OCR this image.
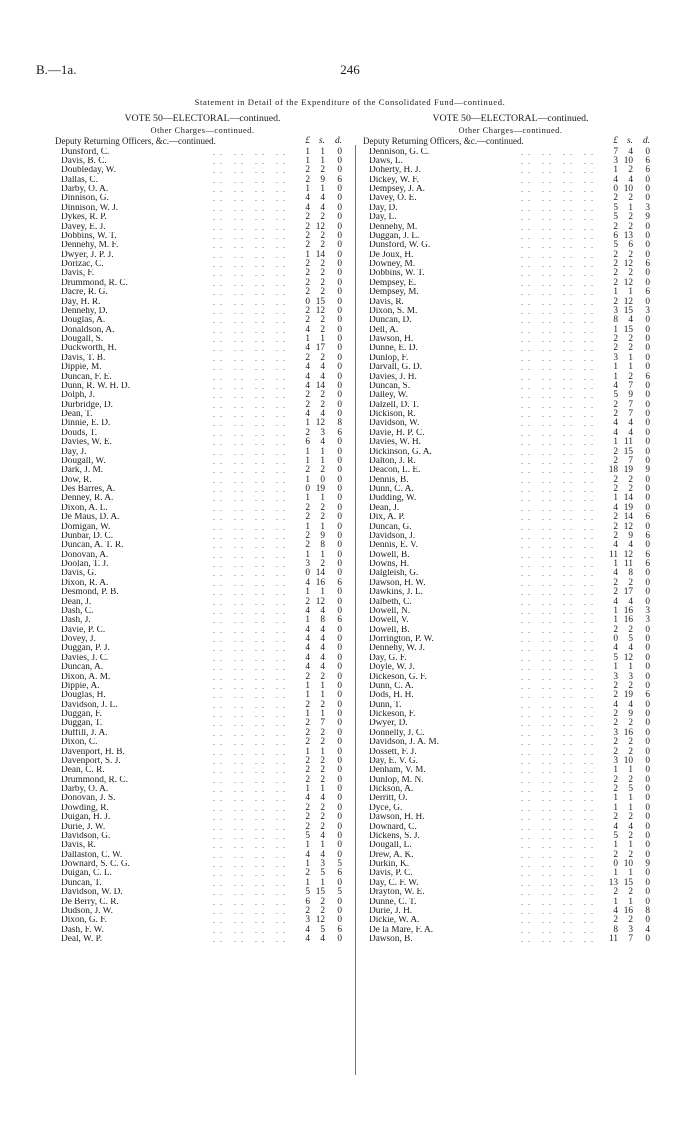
B.—1a.	246
Statement in Detail of the Expenditure of the Consolidated Fund—continued.
VOTE 50—ELECTORAL—continued.
Other Charges—continued.
Deputy Returning Officers, &c.—continued.	£ s.	d.
Dunsford, C.	.. .. .. ..	1	1	0
Davis, B. C.	.. .. .. ..	1	1	0
Doubleday, W.	.. .. .. ..	2	2	0
Dallas, C.	.. .. .. ..	2	9	6
Darby, O. A.	.. .. .. ..	1	1	0
Dinnison, G.	.. .. .. ..	4	4	0
Dinnison, W. J.	.. .. .. ..	4	4	0
Dykes, R. P.	.. .. .. ..	2	2	0
Davey, E. J.	.. .. .. ..	2 12	0
Dobbins, W. T.	.. .. .. ..	2	2	0
Dennehy, M. F.	.. .. .. ..	2	2	0
Dwyer, J. P. J.	.. .. .. ..	1 14	0
Dorizac, C.	.. .. .. ..	2	2	0
Davis, F.	.. .. .. ..	2	2	0
Drummond, R. C.	.. .. .. ..	2	2	0
Dacre, R. G.	.. .. .. ..	2	2	0
Day, H. R.	.. .. .. ..	0 15	0
Dennehy, D.	.. .. .. ..	2 12	0
Douglas, A.	.. .. .. ..	2	2	0
Donaldson, A.	.. .. .. ..	4	2	0
Dougall, S.	.. .. .. ..	1	1	0
Duckworth, H.	.. .. .. ..	4 17	0
Davis, T. B.	.. .. .. ..	2	2	0
Dippie, M.	.. .. .. ..	4	4	0
Duncan, F. E.	.. .. .. ..	4	4	0
Dunn, R. W. H. D.	.. .. .. ..	4 14	0
Dolph, J.	.. .. .. ..	2	2	0
Durbridge, D.	.. .. .. ..	2	2	0
Dean, T.	.. .. .. ..	4	4	0
Dinnie, E. D.	.. .. .. ..	1 12	8
Douds, T.	.. .. .. ..	2	3	6
Davies, W. E.	.. .. .. ..	6	4	0
Day, J.	.. .. .. ..	1	1	0
Dougall, W.	.. .. .. ..	1	1	0
Dark, J. M.	.. .. .. ..	2	2	0
Dow, R.	.. .. .. ..	1	0	0
Des Barres, A.	.. .. .. ..	0 19	0
Denney, R. A.	.. .. .. ..	1	1	0
Dixon, A. L.	.. .. .. ..	2	2	0
De Maus, D. A.	.. .. .. ..	2	2	0
Domigan, W.	.. .. .. ..	1	1	0
Dunbar, D. C.	.. .. .. ..	2	9	0
Duncan, A. T. R.	.. .. .. ..	2	8	0
Donovan, A.	.. .. .. ..	1	1	0
Doolan, T. J.	.. .. .. ..	3	2	0
Davis, G.	.. .. .. ..	0 14	0
Dixon, R. A.	.. .. .. ..	4 16	6
Desmond, P. B.	.. .. .. ..	1	1	0
Dean, J.	.. .. .. ..	2 12	0
Dash, C.	.. .. .. ..	4	4	0
Dash, J.	.. .. .. ..	1	8	6
Davie, P. C.	.. .. .. ..	4	4	0
Dovey, J.	.. .. .. ..	4	4	0
Duggan, P. J.	.. .. .. ..	4	4	0
Davies, J. C.	.. .. .. ..	4	4	0
Duncan, A.	.. .. .. ..	4	4	0
Dixon, A. M.	.. .. .. ..	2	2	0
Dippie, A.	.. .. .. ..	1	1	0
Douglas, H.	.. .. .. ..	1	1	0
Davidson, J. L.	.. .. .. ..	2	2	0
Duggan, F.	.. .. .. ..	1	1	0
Duggan, T.	.. .. .. ..	2	7	0
Duffill, J. A.	.. .. .. ..	2	2	0
Dixon, C.	.. .. .. ..	2	2	0
Davenport, H. B.	.. .. .. ..	1	1	0
Davenport, S. J.	.. .. .. ..	2	2	0
Dean, C. R.	.. .. .. ..	2	2	0
Drummond, R. C.	.. .. .. ..	2	2	0
Darby, O. A.	.. .. .. ..	1	1	0
Donovan, J. S.	.. .. .. ..	4	4	0
Dowding, R.	.. .. .. ..	2	2	0
Duigan, H. J.	.. .. .. ..	2	2	0
Durie, J. W.	.. .. .. ..	2	2	0
Davidson, G.	.. .. .. ..	5	4	0
Davis, R.	.. .. .. ..	1	1	0
Dallaston, C. W.	.. .. .. ..	4	4	0
Downard, S. C. G.	.. .. .. ..	1	3	5
Duigan, C. L.	.. .. .. ..	2	5	6
Duncan, T.	.. .. .. ..	1	1	0
Davidson, W. D.	.. .. .. ..	5 15	5
De Berry, C. R.	.. .. .. ..	6	2	0
Dudson, J. W.	.. .. .. ..	2	2	0
Dixon, G. F.	.. .. .. ..	3 12	0
Dash, F. W.	.. .. .. ..	4	5	6
Deal, W. P.	.. .. .. ..	4	4	0
VOTE 50—ELECTORAL—continued.
Other Charges—continued.
Deputy Returning Officers, &c.—continued.	£ s.	d.
Dennison, G. C.	.. .. .. ..	7	4	0
Daws, L.	.. .. .. ..	3 10	6
Doherty, H. J.	.. .. .. ..	1	2	6
Dickey, W. F.	.. .. .. ..	4	4	0
Dempsey, J. A.	.. .. .. ..	0 10	0
Davey, O. E.	.. .. .. ..	2	2	0
Day, D.	.. .. .. ..	5	1	3
Day, L.	.. .. .. ..	5	2	9
Dennehy, M.	.. .. .. ..	2	2	0
Duggan, J. L.	.. .. .. ..	6 13	0
Dunsford, W. G.	.. .. .. ..	5	6	0
De Joux, H.	.. .. .. ..	2	2	0
Downey, M.	.. .. .. ..	2 12	6
Dobbins, W. T.	.. .. .. ..	2	2	0
Dempsey, E.	.. .. .. ..	2 12	0
Dempsey, M.	.. .. .. ..	1	1	6
Davis, R.	.. .. .. ..	2 12	0
Dixon, S. M.	.. .. .. ..	3 15	3
Duncan, D.	.. .. .. ..	8	4	0
Dell, A.	.. .. .. ..	1 15	0
Dawson, H.	.. .. .. ..	2	2	0
Dunne, E. D.	.. .. .. ..	2	2	0
Dunlop, F.	.. .. .. ..	3	1	0
Darvall, G. D.	.. .. .. ..	1	1	0
Davies, J. H.	.. .. .. ..	1	2	6
Duncan, S.	.. .. .. ..	4	7	0
Dalley, W.	.. .. .. ..	5	9	0
Dalzell, D. T.	.. .. .. ..	2	7	0
Dickison, R.	.. .. .. ..	2	7	0
Davidson, W.	.. .. .. ..	4	4	0
Davie, H. P. C.	.. .. .. ..	4	4	0
Davies, W. H.	.. .. .. ..	1 11	0
Dickinson, G. A.	.. .. .. ..	2 15	0
Dalton, J. R.	.. .. .. ..	2	7	0
Deacon, L. E.	.. .. .. .. 18 19	9
Dennis, B.	.. .. .. ..	2	2	0
Dunn, C. A.	.. .. .. ..	2	2	0
Dudding, W.	.. .. .. ..	1 14	0
Dean, J.	.. .. .. ..	4 19	0
Dix, A. P.	.. .. .. ..	2 14	6
Duncan, G.	.. .. .. ..	2 12	0
Davidson, J.	.. .. .. ..	2	9	6
Dennis, E. V.	.. .. .. ..	4	4	0
Dowell, B.	.. .. .. .. 11 12	6
Downs, H.	.. .. .. ..	1 11	6
Dalgleish, G.	.. .. .. ..	4	8	0
Dawson, H. W.	.. .. .. ..	2	2	0
Dawkins, J. L.	.. .. .. ..	2 17	0
Dalbeth, C.	.. .. .. ..	4	4	0
Dowell, N.	.. .. .. ..	1 16	3
Dowell, V.	.. .. .. ..	1 16	3
Dowell, B.	.. .. .. ..	2	2	0
Dorrington, P. W.	.. .. .. ..	0	5	0
Dennehy, W. J.	.. .. .. ..	4	4	0
Day, G. F.	.. .. .. ..	5 12	0
Doyle, W. J.	.. .. .. ..	1	1	0
Dickeson, G. F.	.. .. .. ..	3	3	0
Dunn, C. A.	.. .. .. ..	2	2	0
Dods, H. H.	.. .. .. ..	2 19	6
Dunn, T.	.. .. .. ..	4	4	0
Dickeson, F.	.. .. .. ..	2	9	0
Dwyer, D.	.. .. .. ..	2	2	0
Donnelly, J. C.	.. .. .. ..	3 16	0
Davidson, J. A. M.	.. .. .. ..	2	2	0
Dossett, F. J.	.. .. .. ..	2	2	0
Day, E. V. G.	.. .. .. ..	3 10	0
Denham, V. M.	.. .. .. ..	1	1	0
Dunlop, M. N.	.. .. .. ..	2	2	0
Dickson, A.	.. .. .. ..	2	5	0
Derritt, O.	.. .. .. ..	1	1	0
Dyce, G.	.. .. .. ..	1	1	0
Dawson, H. H.	.. .. .. ..	2	2	0
Downard, C.	.. .. .. ..	4	4	0
Dickens, S. J.	.. .. .. ..	5	2	0
Dougall, L.	.. .. .. ..	1	1	0
Drew, A. K.	.. .. .. ..	2	2	0
Durkin, K.	.. .. .. ..	0 10	9
Davis, P. C.	.. .. .. ..	1	1	0
Day, C. F. W.	.. .. .. .. 13 15	0
Drayton, W. E.	.. .. .. ..	2	2	0
Dunne, C. T.	.. .. .. ..	1	1	0
Durie, J. H.	.. .. .. ..	4 16	8
Dickie, W. A.	.. .. .. ..	2	2	0
De la Mare, F. A.	.. .. .. ..	8	3	4
Dawson, B.	.. .. .. .. 11	7	0
